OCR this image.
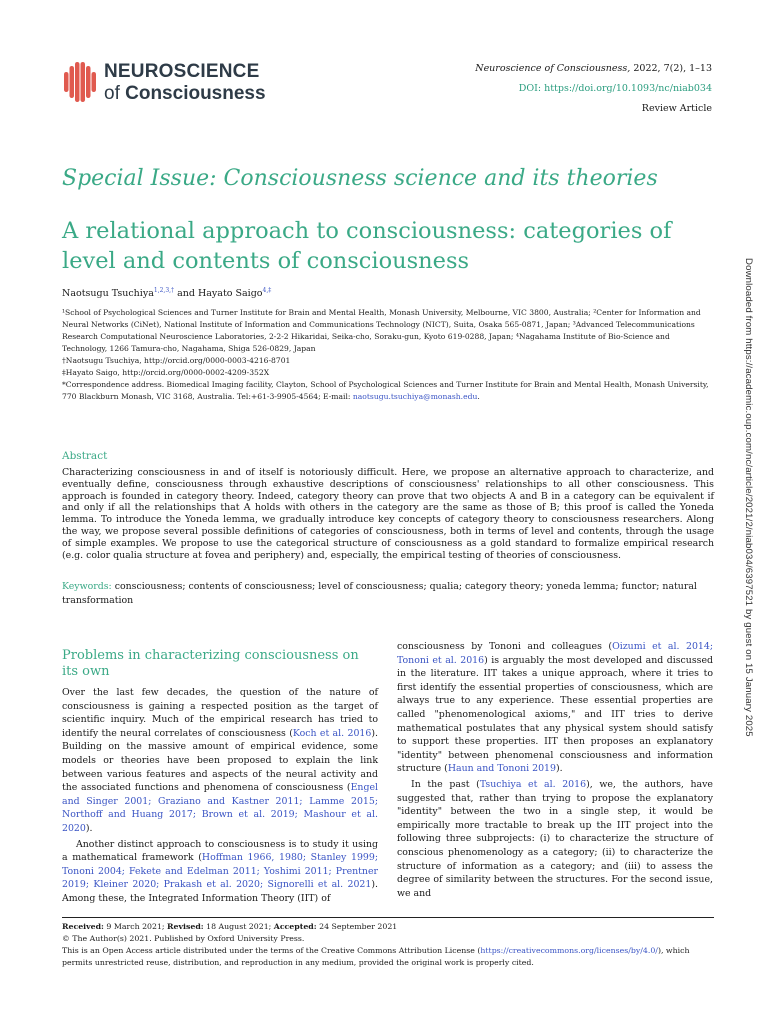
NEUROSCIENCE
of Consciousness
Neuroscience of Consciousness, 2022, 7(2), 1–13
DOI: https://doi.org/10.1093/nc/niab034
Review Article
Special Issue: Consciousness science and its theories
A relational approach to consciousness: categories of level and contents of consciousness
Naotsugu Tsuchiya$^{1,2,3,\dagger}$ and Hayato Saigo$^{4,\ddagger}$
¹School of Psychological Sciences and Turner Institute for Brain and Mental Health, Monash University, Melbourne, VIC 3800, Australia; ²Center for Information and Neural Networks (CiNet), National Institute of Information and Communications Technology (NICT), Suita, Osaka 565-0871, Japan; ³Advanced Telecommunications Research Computational Neuroscience Laboratories, 2-2-2 Hikaridai, Seika-cho, Soraku-gun, Kyoto 619-0288, Japan; ⁴Nagahama Institute of Bio-Science and Technology, 1266 Tamura-cho, Nagahama, Shiga 526-0829, Japan
†Naotsugu Tsuchiya, http://orcid.org/0000-0003-4216-8701
‡Hayato Saigo, http://orcid.org/0000-0002-4209-352X
*Correspondence address. Biomedical Imaging facility, Clayton, School of Psychological Sciences and Turner Institute for Brain and Mental Health, Monash University, 770 Blackburn Monash, VIC 3168, Australia. Tel:+61-3-9905-4564; E-mail: naotsugu.tsuchiya@monash.edu.
Abstract
Characterizing consciousness in and of itself is notoriously difficult. Here, we propose an alternative approach to characterize, and eventually define, consciousness through exhaustive descriptions of consciousness' relationships to all other consciousness. This approach is founded in category theory. Indeed, category theory can prove that two objects A and B in a category can be equivalent if and only if all the relationships that A holds with others in the category are the same as those of B; this proof is called the Yoneda lemma. To introduce the Yoneda lemma, we gradually introduce key concepts of category theory to consciousness researchers. Along the way, we propose several possible definitions of categories of consciousness, both in terms of level and contents, through the usage of simple examples. We propose to use the categorical structure of consciousness as a gold standard to formalize empirical research (e.g. color qualia structure at fovea and periphery) and, especially, the empirical testing of theories of consciousness.
Keywords: consciousness; contents of consciousness; level of consciousness; qualia; category theory; yoneda lemma; functor; natural transformation
Problems in characterizing consciousness on its own
Over the last few decades, the question of the nature of consciousness is gaining a respected position as the target of scientific inquiry. Much of the empirical research has tried to identify the neural correlates of consciousness (Koch et al. 2016). Building on the massive amount of empirical evidence, some models or theories have been proposed to explain the link between various features and aspects of the neural activity and the associated functions and phenomena of consciousness (Engel and Singer 2001; Graziano and Kastner 2011; Lamme 2015; Northoff and Huang 2017; Brown et al. 2019; Mashour et al. 2020).
Another distinct approach to consciousness is to study it using a mathematical framework (Hoffman 1966, 1980; Stanley 1999; Tononi 2004; Fekete and Edelman 2011; Yoshimi 2011; Prentner 2019; Kleiner 2020; Prakash et al. 2020; Signorelli et al. 2021). Among these, the Integrated Information Theory (IIT) of
consciousness by Tononi and colleagues (Oizumi et al. 2014; Tononi et al. 2016) is arguably the most developed and discussed in the literature. IIT takes a unique approach, where it tries to first identify the essential properties of consciousness, which are always true to any experience. These essential properties are called "phenomenological axioms," and IIT tries to derive mathematical postulates that any physical system should satisfy to support these properties. IIT then proposes an explanatory "identity" between phenomenal consciousness and information structure (Haun and Tononi 2019).
In the past (Tsuchiya et al. 2016), we, the authors, have suggested that, rather than trying to propose the explanatory "identity" between the two in a single step, it would be empirically more tractable to break up the IIT project into the following three subprojects: (i) to characterize the structure of conscious phenomenology as a category; (ii) to characterize the structure of information as a category; and (iii) to assess the degree of similarity between the structures. For the second issue, we and
Received: 9 March 2021; Revised: 18 August 2021; Accepted: 24 September 2021
© The Author(s) 2021. Published by Oxford University Press.
This is an Open Access article distributed under the terms of the Creative Commons Attribution License (https://creativecommons.org/licenses/by/4.0/), which permits unrestricted reuse, distribution, and reproduction in any medium, provided the original work is properly cited.
Downloaded from https://academic.oup.com/nc/article/2021/2/niab034/6397521 by guest on 15 January 2025
